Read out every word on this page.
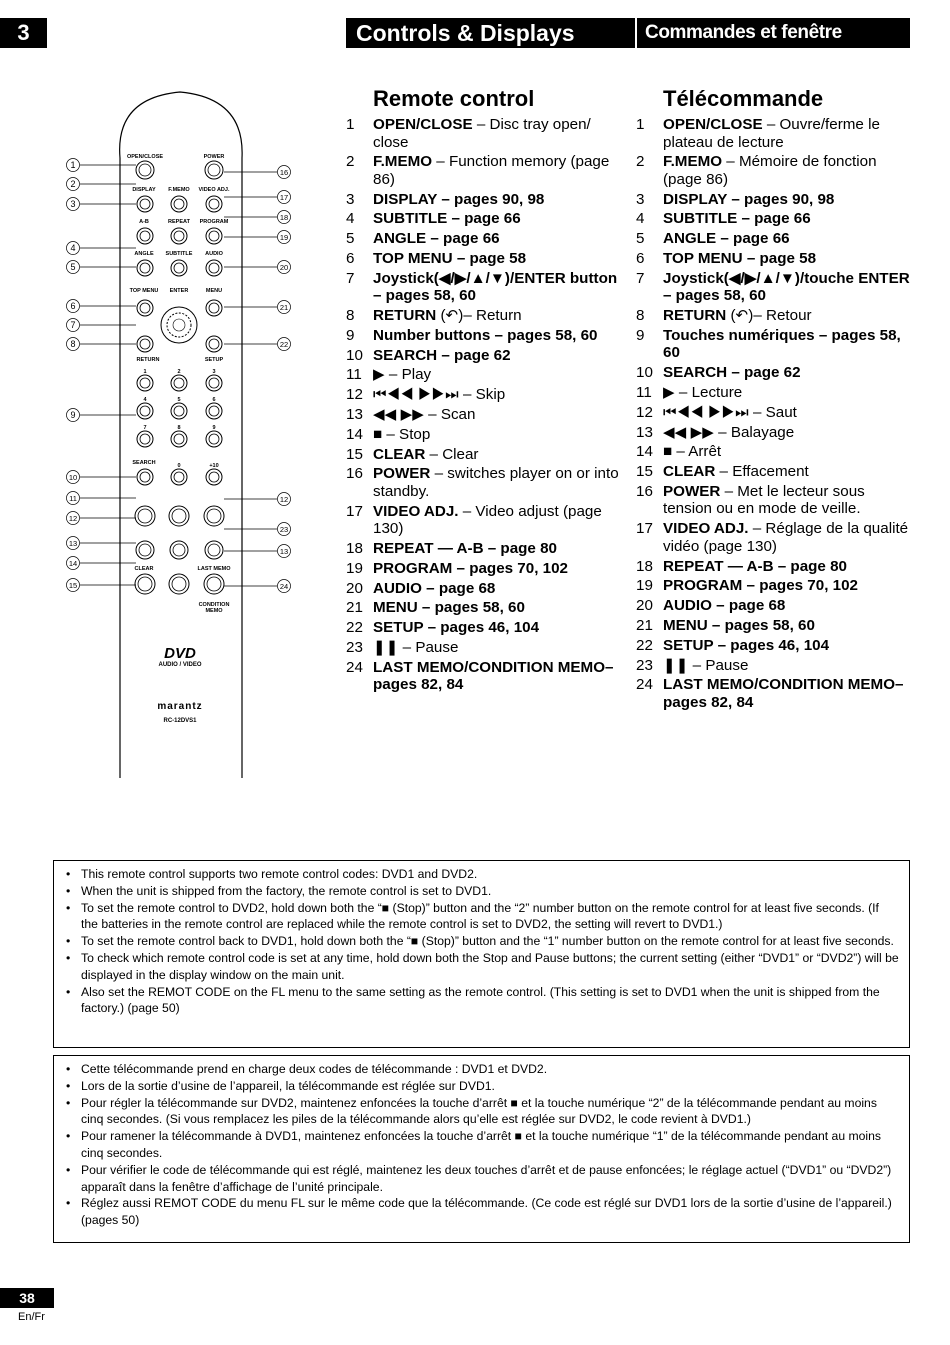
3	Controls & Displays	Commandes et fenêtre d’affichage
OPEN/CLOSE	POWER
DISPLAY F.MEMO VIDEO ADJ.
A-B	REPEAT PROGRAM
ANGLE SUBTITLE AUDIO
TOP MENU ENTER	MENU
RETURN	SETUP
SEARCH
CLEAR	LAST MEMO
CONDITION
MEMO
AUDIO / VIDEO
RC-12DVS1
DVD
marantz
1	2	3
4	5	6
7	8	9
0	+10
1
2
3
4
5
6
7
8
9
10
11
12
13
14
15
16
17
18
19
20
21
22
12
23
13
24
Remote control
1	OPEN/CLOSE – Disc tray open/ close
2	F.MEMO – Function memory (page 86)
3	DISPLAY – pages 90, 98
4	SUBTITLE – page 66
5	ANGLE – page 66
6	TOP MENU – page 58
7	Joystick(◀/▶/▲/▼)/ENTER button – pages 58, 60
8	RETURN (↶)– Return
9	Number buttons – pages 58, 60
10 SEARCH – page 62
11 ▶ – Play
12 ⏮◀◀ ▶▶⏭ – Skip
13 ◀◀ ▶▶ – Scan
14 ■ – Stop
15 CLEAR – Clear
16 POWER – switches player on or into standby.
17 VIDEO ADJ. – Video adjust (page 130)
18 REPEAT — A-B – page 80
19 PROGRAM – pages 70, 102
20 AUDIO – page 68
21 MENU – pages 58, 60
22 SETUP – pages 46, 104
23 ❚❚ – Pause
24 LAST MEMO/CONDITION MEMO– pages 82, 84
Télécommande
1	OPEN/CLOSE – Ouvre/ferme le plateau de lecture
2	F.MEMO – Mémoire de fonction (page 86)
3	DISPLAY – pages 90, 98
4	SUBTITLE – page 66
5	ANGLE – page 66
6	TOP MENU – page 58
7	Joystick(◀/▶/▲/▼)/touche ENTER – pages 58, 60
8	RETURN (↶)– Retour
9	Touches numériques – pages 58, 60
10 SEARCH – page 62
11 ▶ – Lecture
12 ⏮◀◀ ▶▶⏭ – Saut
13 ◀◀ ▶▶ – Balayage
14 ■ – Arrêt
15 CLEAR – Effacement
16 POWER – Met le lecteur sous tension ou en mode de veille.
17 VIDEO ADJ. – Réglage de la qualité vidéo (page 130)
18 REPEAT — A-B – page 80
19 PROGRAM – pages 70, 102
20 AUDIO – page 68
21 MENU – pages 58, 60
22 SETUP – pages 46, 104
23 ❚❚ – Pause
24 LAST MEMO/CONDITION MEMO– pages 82, 84
• This remote control supports two remote control codes: DVD1 and DVD2.
• When the unit is shipped from the factory, the remote control is set to DVD1.
• To set the remote control to DVD2, hold down both the “■ (Stop)” button and the “2” number button on the remote control for at least five seconds. (If the batteries in the remote control are replaced while the remote control is set to DVD2, the setting will revert to DVD1.)
• To set the remote control back to DVD1, hold down both the “■ (Stop)” button and the “1” number button on the remote control for at least five seconds.
• To check which remote control code is set at any time, hold down both the Stop and Pause buttons; the current setting (either “DVD1” or “DVD2”) will be displayed in the display window on the main unit.
• Also set the REMOT CODE on the FL menu to the same setting as the remote control. (This setting is set to DVD1 when the unit is shipped from the factory.) (page 50)
• Cette télécommande prend en charge deux codes de télécommande : DVD1 et DVD2.
• Lors de la sortie d’usine de l’appareil, la télécommande est réglée sur DVD1.
• Pour régler la télécommande sur DVD2, maintenez enfoncées la touche d’arrêt ■ et la touche numérique “2” de la télécommande pendant au moins cinq secondes. (Si vous remplacez les piles de la télécommande alors qu’elle est réglée sur DVD2, le code revient à DVD1.)
• Pour ramener la télécommande à DVD1, maintenez enfoncées la touche d’arrêt ■ et la touche numérique “1” de la télécommande pendant au moins cinq secondes.
• Pour vérifier le code de télécommande qui est réglé, maintenez les deux touches d’arrêt et de pause enfoncées; le réglage actuel (“DVD1” ou “DVD2”) apparaît dans la fenêtre d’affichage de l’unité principale.
• Réglez aussi REMOT CODE du menu FL sur le même code que la télécommande. (Ce code est réglé sur DVD1 lors de la sortie d’usine de l’appareil.) (pages 50)
38
En/Fr
